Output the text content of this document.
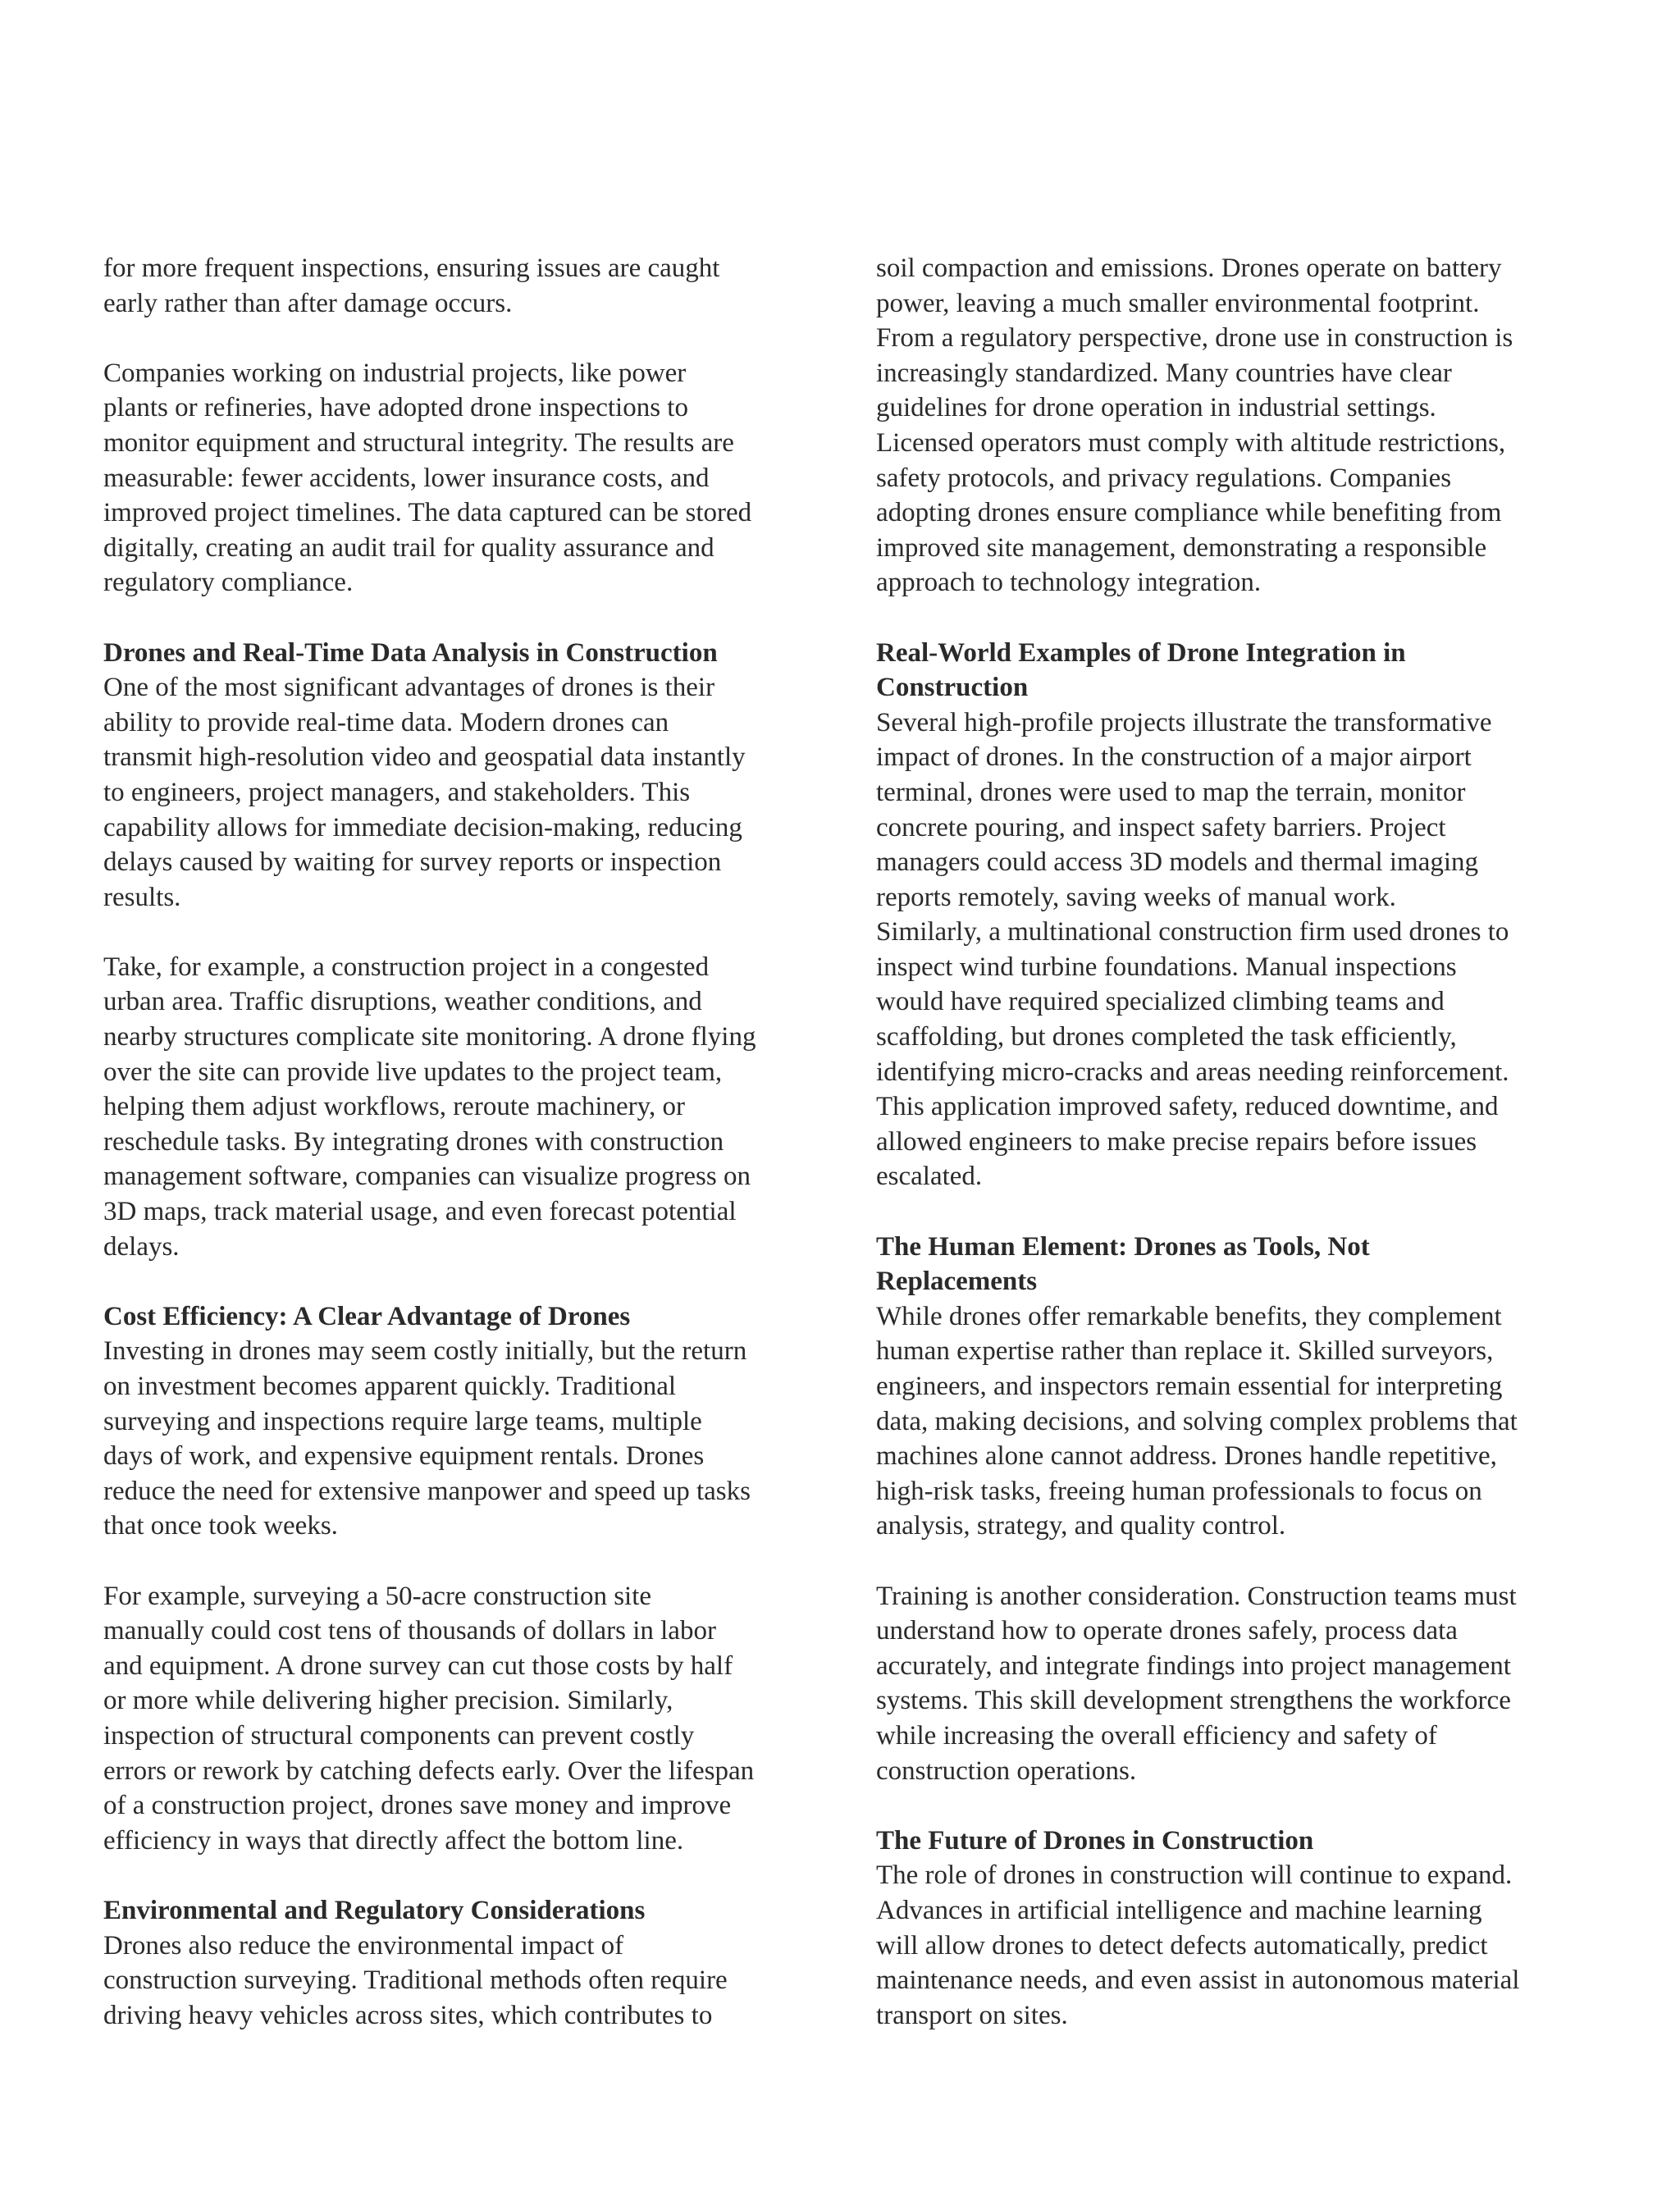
for more frequent inspections, ensuring issues are caught
early rather than after damage occurs.

Companies working on industrial projects, like power
plants or refineries, have adopted drone inspections to
monitor equipment and structural integrity. The results are
measurable: fewer accidents, lower insurance costs, and
improved project timelines. The data captured can be stored
digitally, creating an audit trail for quality assurance and
regulatory compliance.

Drones and Real-Time Data Analysis in Construction

One of the most significant advantages of drones is their
ability to provide real-time data. Modern drones can
transmit high-resolution video and geospatial data instantly
to engineers, project managers, and stakeholders. This
capability allows for immediate decision-making, reducing
delays caused by waiting for survey reports or inspection
results.

Take, for example, a construction project in a congested
urban area. Traffic disruptions, weather conditions, and
nearby structures complicate site monitoring. A drone flying
over the site can provide live updates to the project team,
helping them adjust workflows, reroute machinery, or
reschedule tasks. By integrating drones with construction
management software, companies can visualize progress on
3D maps, track material usage, and even forecast potential
delays.

Cost Efficiency: A Clear Advantage of Drones

Investing in drones may seem costly initially, but the return
on investment becomes apparent quickly. Traditional
surveying and inspections require large teams, multiple
days of work, and expensive equipment rentals. Drones
reduce the need for extensive manpower and speed up tasks
that once took weeks.

For example, surveying a 50-acre construction site
manually could cost tens of thousands of dollars in labor
and equipment. A drone survey can cut those costs by half
or more while delivering higher precision. Similarly,
inspection of structural components can prevent costly
errors or rework by catching defects early. Over the lifespan
of a construction project, drones save money and improve
efficiency in ways that directly affect the bottom line.

Environmental and Regulatory Considerations

Drones also reduce the environmental impact of
construction surveying. Traditional methods often require
driving heavy vehicles across sites, which contributes to

soil compaction and emissions. Drones operate on battery
power, leaving a much smaller environmental footprint.
From a regulatory perspective, drone use in construction is
increasingly standardized. Many countries have clear
guidelines for drone operation in industrial settings.
Licensed operators must comply with altitude restrictions,
safety protocols, and privacy regulations. Companies
adopting drones ensure compliance while benefiting from
improved site management, demonstrating a responsible
approach to technology integration.

Real-World Examples of Drone Integration in
Construction

Several high-profile projects illustrate the transformative
impact of drones. In the construction of a major airport
terminal, drones were used to map the terrain, monitor
concrete pouring, and inspect safety barriers. Project
managers could access 3D models and thermal imaging
reports remotely, saving weeks of manual work.
Similarly, a multinational construction firm used drones to
inspect wind turbine foundations. Manual inspections
would have required specialized climbing teams and
scaffolding, but drones completed the task efficiently,
identifying micro-cracks and areas needing reinforcement.
This application improved safety, reduced downtime, and
allowed engineers to make precise repairs before issues
escalated.

The Human Element: Drones as Tools, Not
Replacements

While drones offer remarkable benefits, they complement
human expertise rather than replace it. Skilled surveyors,
engineers, and inspectors remain essential for interpreting
data, making decisions, and solving complex problems that
machines alone cannot address. Drones handle repetitive,
high-risk tasks, freeing human professionals to focus on
analysis, strategy, and quality control.

Training is another consideration. Construction teams must
understand how to operate drones safely, process data
accurately, and integrate findings into project management
systems. This skill development strengthens the workforce
while increasing the overall efficiency and safety of
construction operations.

The Future of Drones in Construction

The role of drones in construction will continue to expand.
Advances in artificial intelligence and machine learning
will allow drones to detect defects automatically, predict
maintenance needs, and even assist in autonomous material
transport on sites.
